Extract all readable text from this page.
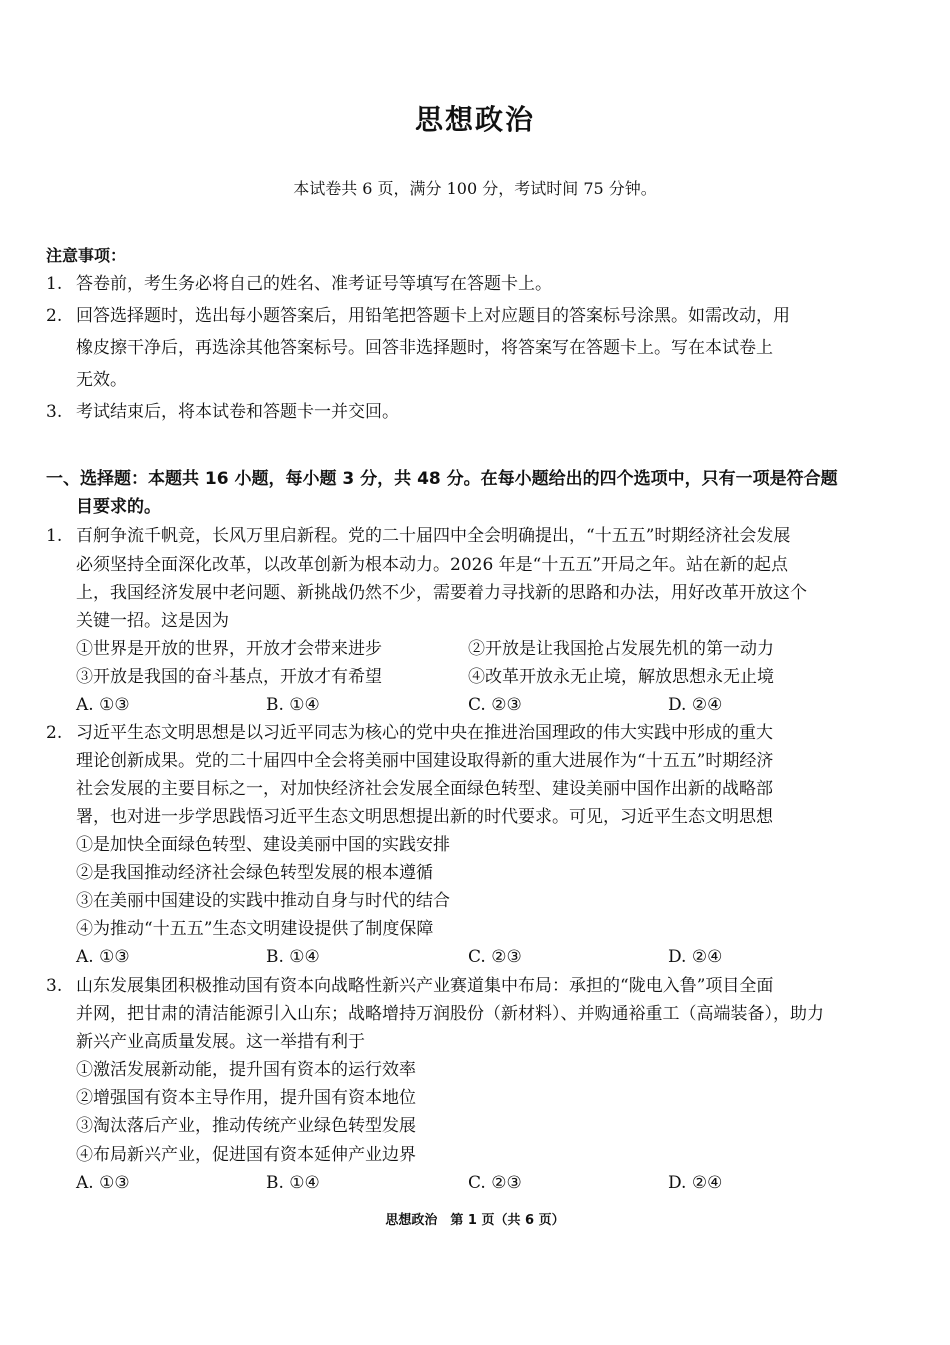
思想政治
本试卷共 6 页，满分 100 分，考试时间 75 分钟。
注意事项：
1. 答卷前，考生务必将自己的姓名、准考证号等填写在答题卡上。
2. 回答选择题时，选出每小题答案后，用铅笔把答题卡上对应题目的答案标号涂黑。如需改动，用
橡皮擦干净后，再选涂其他答案标号。回答非选择题时，将答案写在答题卡上。写在本试卷上
无效。
3. 考试结束后，将本试卷和答题卡一并交回。
一、选择题：本题共 16 小题，每小题 3 分，共 48 分。在每小题给出的四个选项中，只有一项是符合题
目要求的。
1. 百舸争流千帆竞，长风万里启新程。党的二十届四中全会明确提出，“十五五”时期经济社会发展
必须坚持全面深化改革，以改革创新为根本动力。2026 年是“十五五”开局之年。站在新的起点
上，我国经济发展中老问题、新挑战仍然不少，需要着力寻找新的思路和办法，用好改革开放这个
关键一招。这是因为
①世界是开放的世界，开放才会带来进步	②开放是让我国抢占发展先机的第一动力
③开放是我国的奋斗基点，开放才有希望	④改革开放永无止境，解放思想永无止境
A. ①③	B. ①④	C. ②③	D. ②④
2. 习近平生态文明思想是以习近平同志为核心的党中央在推进治国理政的伟大实践中形成的重大
理论创新成果。党的二十届四中全会将美丽中国建设取得新的重大进展作为“十五五”时期经济
社会发展的主要目标之一，对加快经济社会发展全面绿色转型、建设美丽中国作出新的战略部
署，也对进一步学思践悟习近平生态文明思想提出新的时代要求。可见，习近平生态文明思想
①是加快全面绿色转型、建设美丽中国的实践安排
②是我国推动经济社会绿色转型发展的根本遵循
③在美丽中国建设的实践中推动自身与时代的结合
④为推动“十五五”生态文明建设提供了制度保障
A. ①③	B. ①④	C. ②③	D. ②④
3. 山东发展集团积极推动国有资本向战略性新兴产业赛道集中布局：承担的“陇电入鲁”项目全面
并网，把甘肃的清洁能源引入山东；战略增持万润股份（新材料）、并购通裕重工（高端装备），助力
新兴产业高质量发展。这一举措有利于
①激活发展新动能，提升国有资本的运行效率
②增强国有资本主导作用，提升国有资本地位
③淘汰落后产业，推动传统产业绿色转型发展
④布局新兴产业，促进国有资本延伸产业边界
A. ①③	B. ①④	C. ②③	D. ②④
思想政治　第 1 页（共 6 页）
